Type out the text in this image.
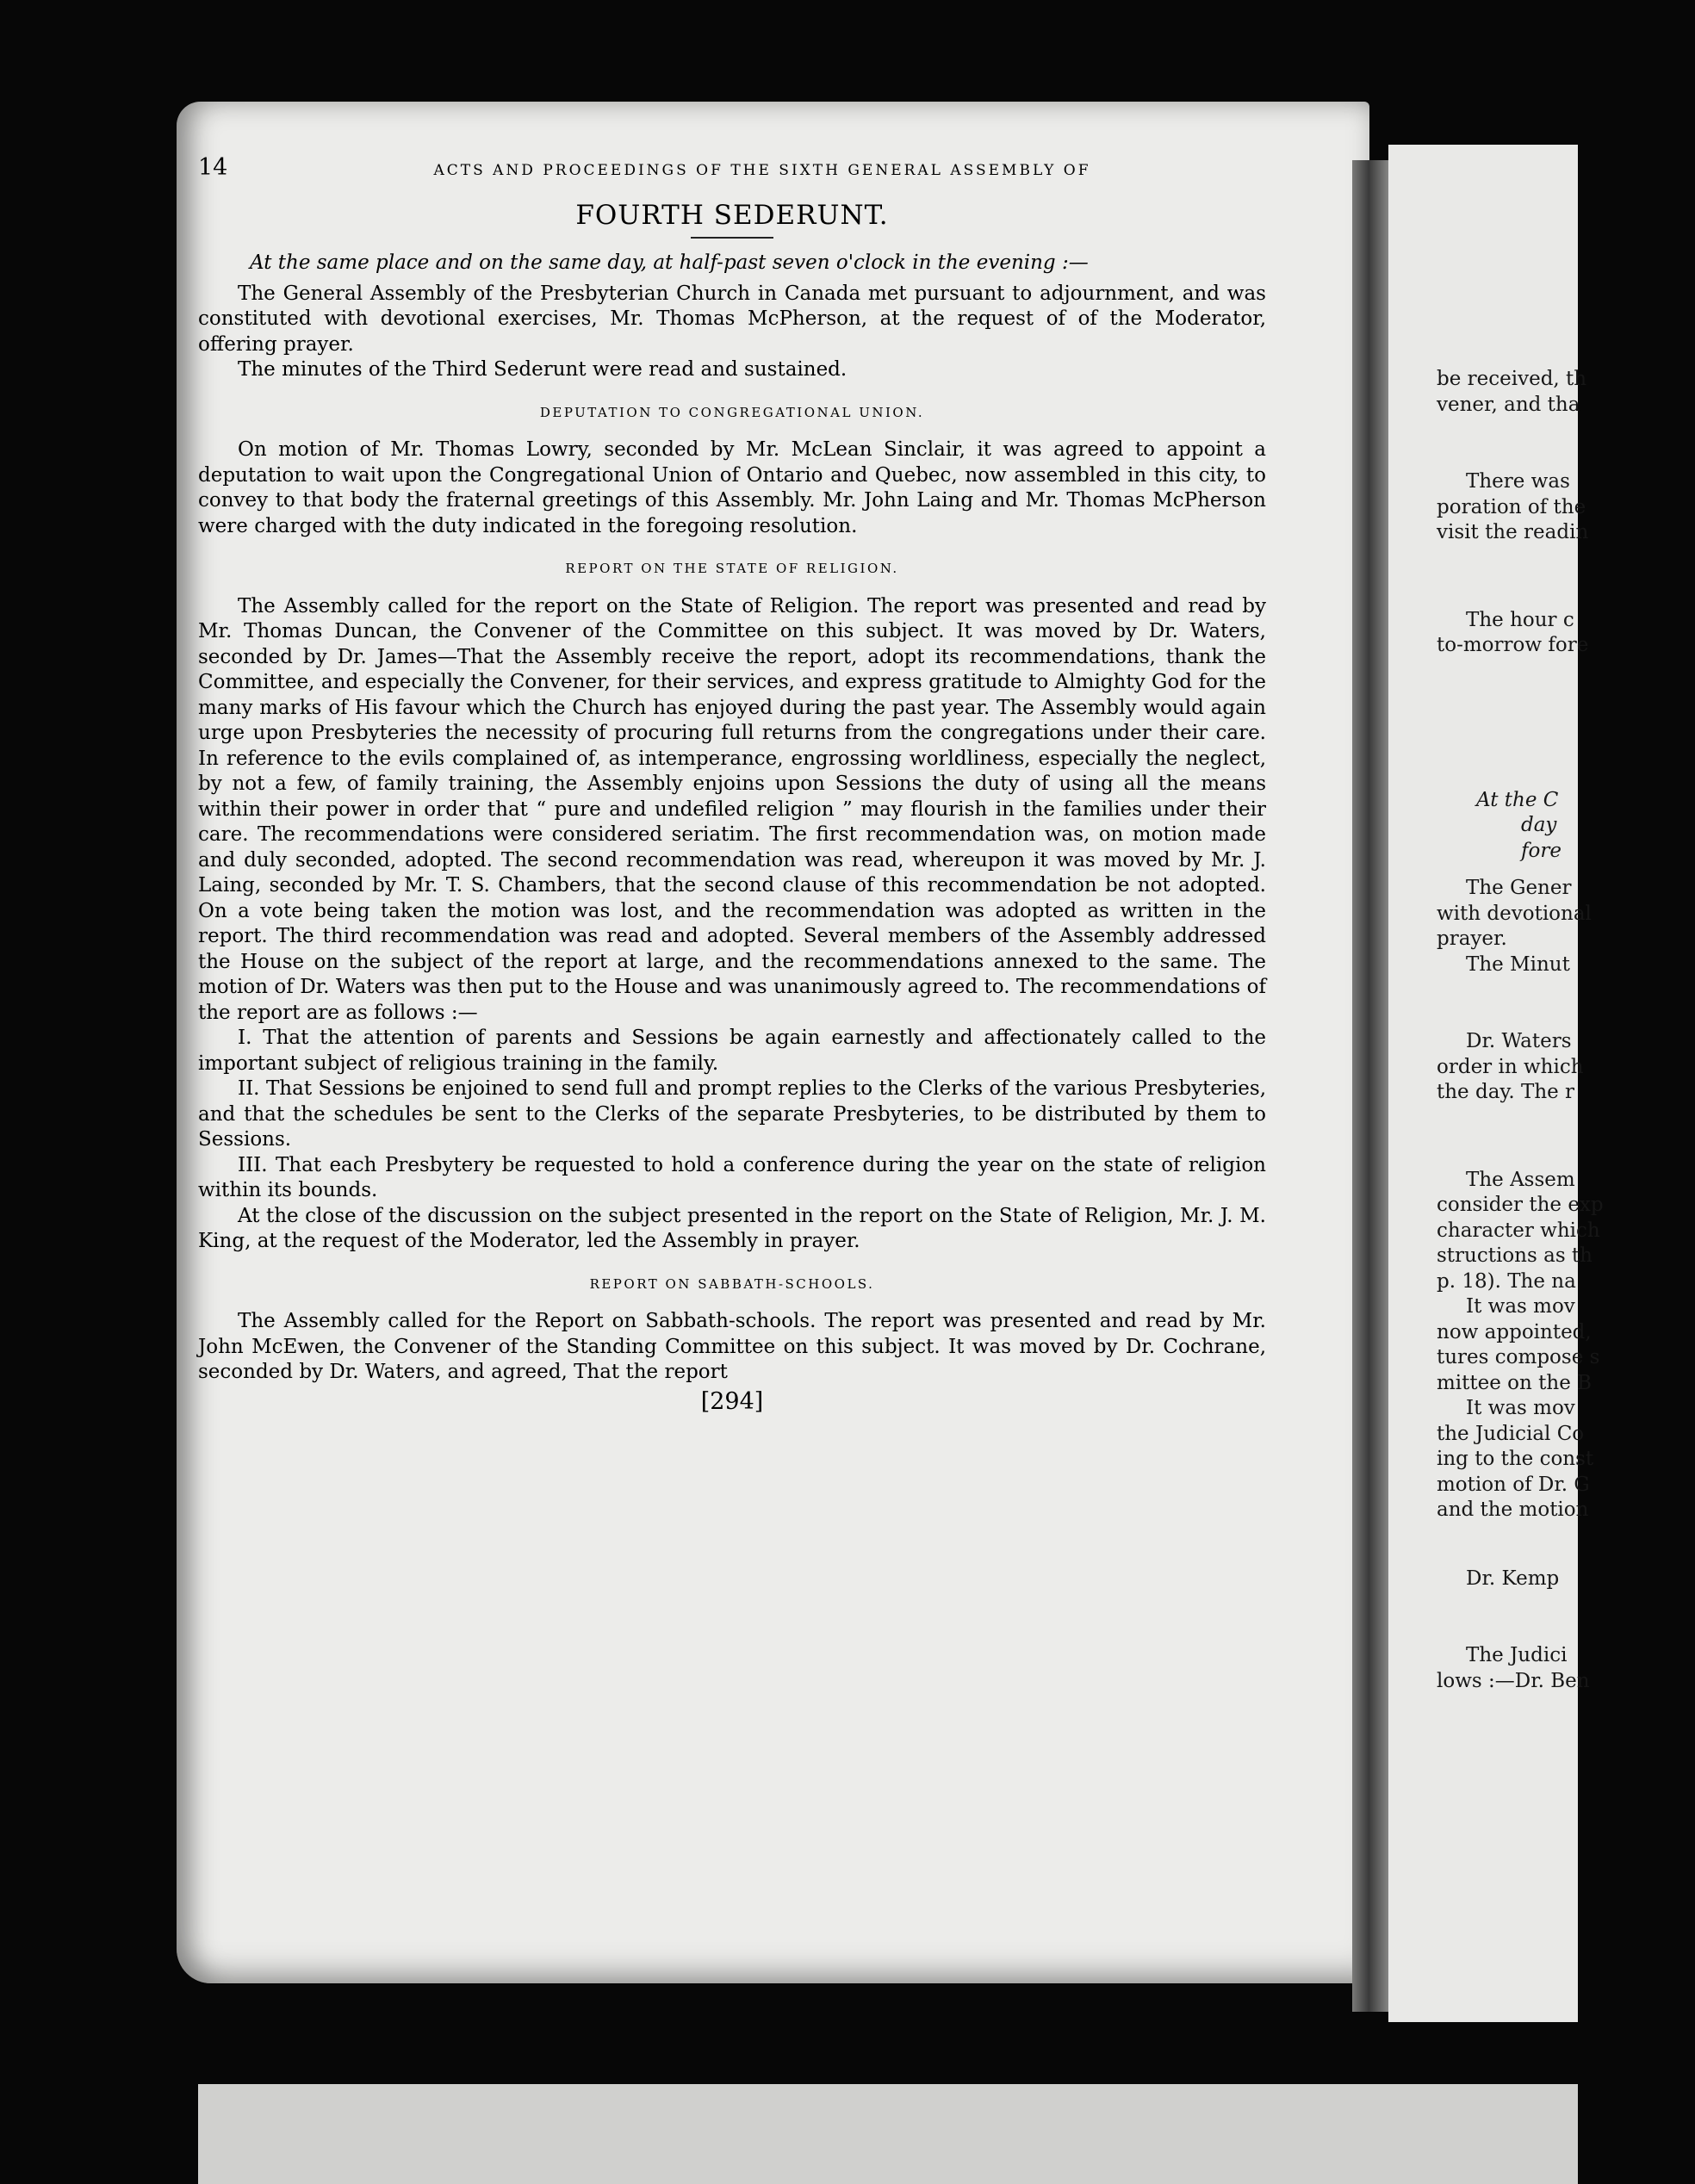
be received, th
vener, and tha
There was
poration of the
visit the readin
The hour c
to-morrow fore
At the C
day
fore
The Gener
with devotional
prayer.
The Minut
Dr. Waters
order in which
the day. The r
The Assem
consider the exp
character which
structions as th
p. 18). The na
It was mov
now appointed,
tures compose s
mittee on the B
It was mov
the Judicial Co
ing to the const
motion of Dr. G
and the motion
Dr. Kemp
The Judici
lows :—Dr. Ben
14	ACTS AND PROCEEDINGS OF THE SIXTH GENERAL ASSEMBLY OF
FOURTH SEDERUNT.

At the same place and on the same day, at half-past seven o'clock in the evening :—

The General Assembly of the Presbyterian Church in Canada met pursuant to adjournment, and was constituted with devotional exercises, Mr. Thomas McPherson, at the request of of the Moderator, offering prayer.

The minutes of the Third Sederunt were read and sustained.

DEPUTATION TO CONGREGATIONAL UNION.

On motion of Mr. Thomas Lowry, seconded by Mr. McLean Sinclair, it was agreed to appoint a deputation to wait upon the Congregational Union of Ontario and Quebec, now assembled in this city, to convey to that body the fraternal greetings of this Assembly. Mr. John Laing and Mr. Thomas McPherson were charged with the duty indicated in the foregoing resolution.

REPORT ON THE STATE OF RELIGION.

The Assembly called for the report on the State of Religion. The report was presented and read by Mr. Thomas Duncan, the Convener of the Committee on this subject. It was moved by Dr. Waters, seconded by Dr. James—That the Assembly receive the report, adopt its recommendations, thank the Committee, and especially the Convener, for their services, and express gratitude to Almighty God for the many marks of His favour which the Church has enjoyed during the past year. The Assembly would again urge upon Presbyteries the necessity of procuring full returns from the congregations under their care. In reference to the evils complained of, as intemperance, engrossing worldliness, especially the neglect, by not a few, of family training, the Assembly enjoins upon Sessions the duty of using all the means within their power in order that “ pure and undefiled religion ” may flourish in the families under their care. The recommendations were considered seriatim. The first recommendation was, on motion made and duly seconded, adopted. The second recommendation was read, whereupon it was moved by Mr. J. Laing, seconded by Mr. T. S. Chambers, that the second clause of this recommendation be not adopted. On a vote being taken the motion was lost, and the recommendation was adopted as written in the report. The third recommendation was read and adopted. Several members of the Assembly addressed the House on the subject of the report at large, and the recommendations annexed to the same. The motion of Dr. Waters was then put to the House and was unanimously agreed to. The recommendations of the report are as follows :—

I. That the attention of parents and Sessions be again earnestly and affectionately called to the important subject of religious training in the family.

II. That Sessions be enjoined to send full and prompt replies to the Clerks of the various Presbyteries, and that the schedules be sent to the Clerks of the separate Presbyteries, to be distributed by them to Sessions.

III. That each Presbytery be requested to hold a conference during the year on the state of religion within its bounds.

At the close of the discussion on the subject presented in the report on the State of Religion, Mr. J. M. King, at the request of the Moderator, led the Assembly in prayer.

REPORT ON SABBATH-SCHOOLS.

The Assembly called for the Report on Sabbath-schools. The report was presented and read by Mr. John McEwen, the Convener of the Standing Committee on this subject. It was moved by Dr. Cochrane, seconded by Dr. Waters, and agreed, That the report

[294]
